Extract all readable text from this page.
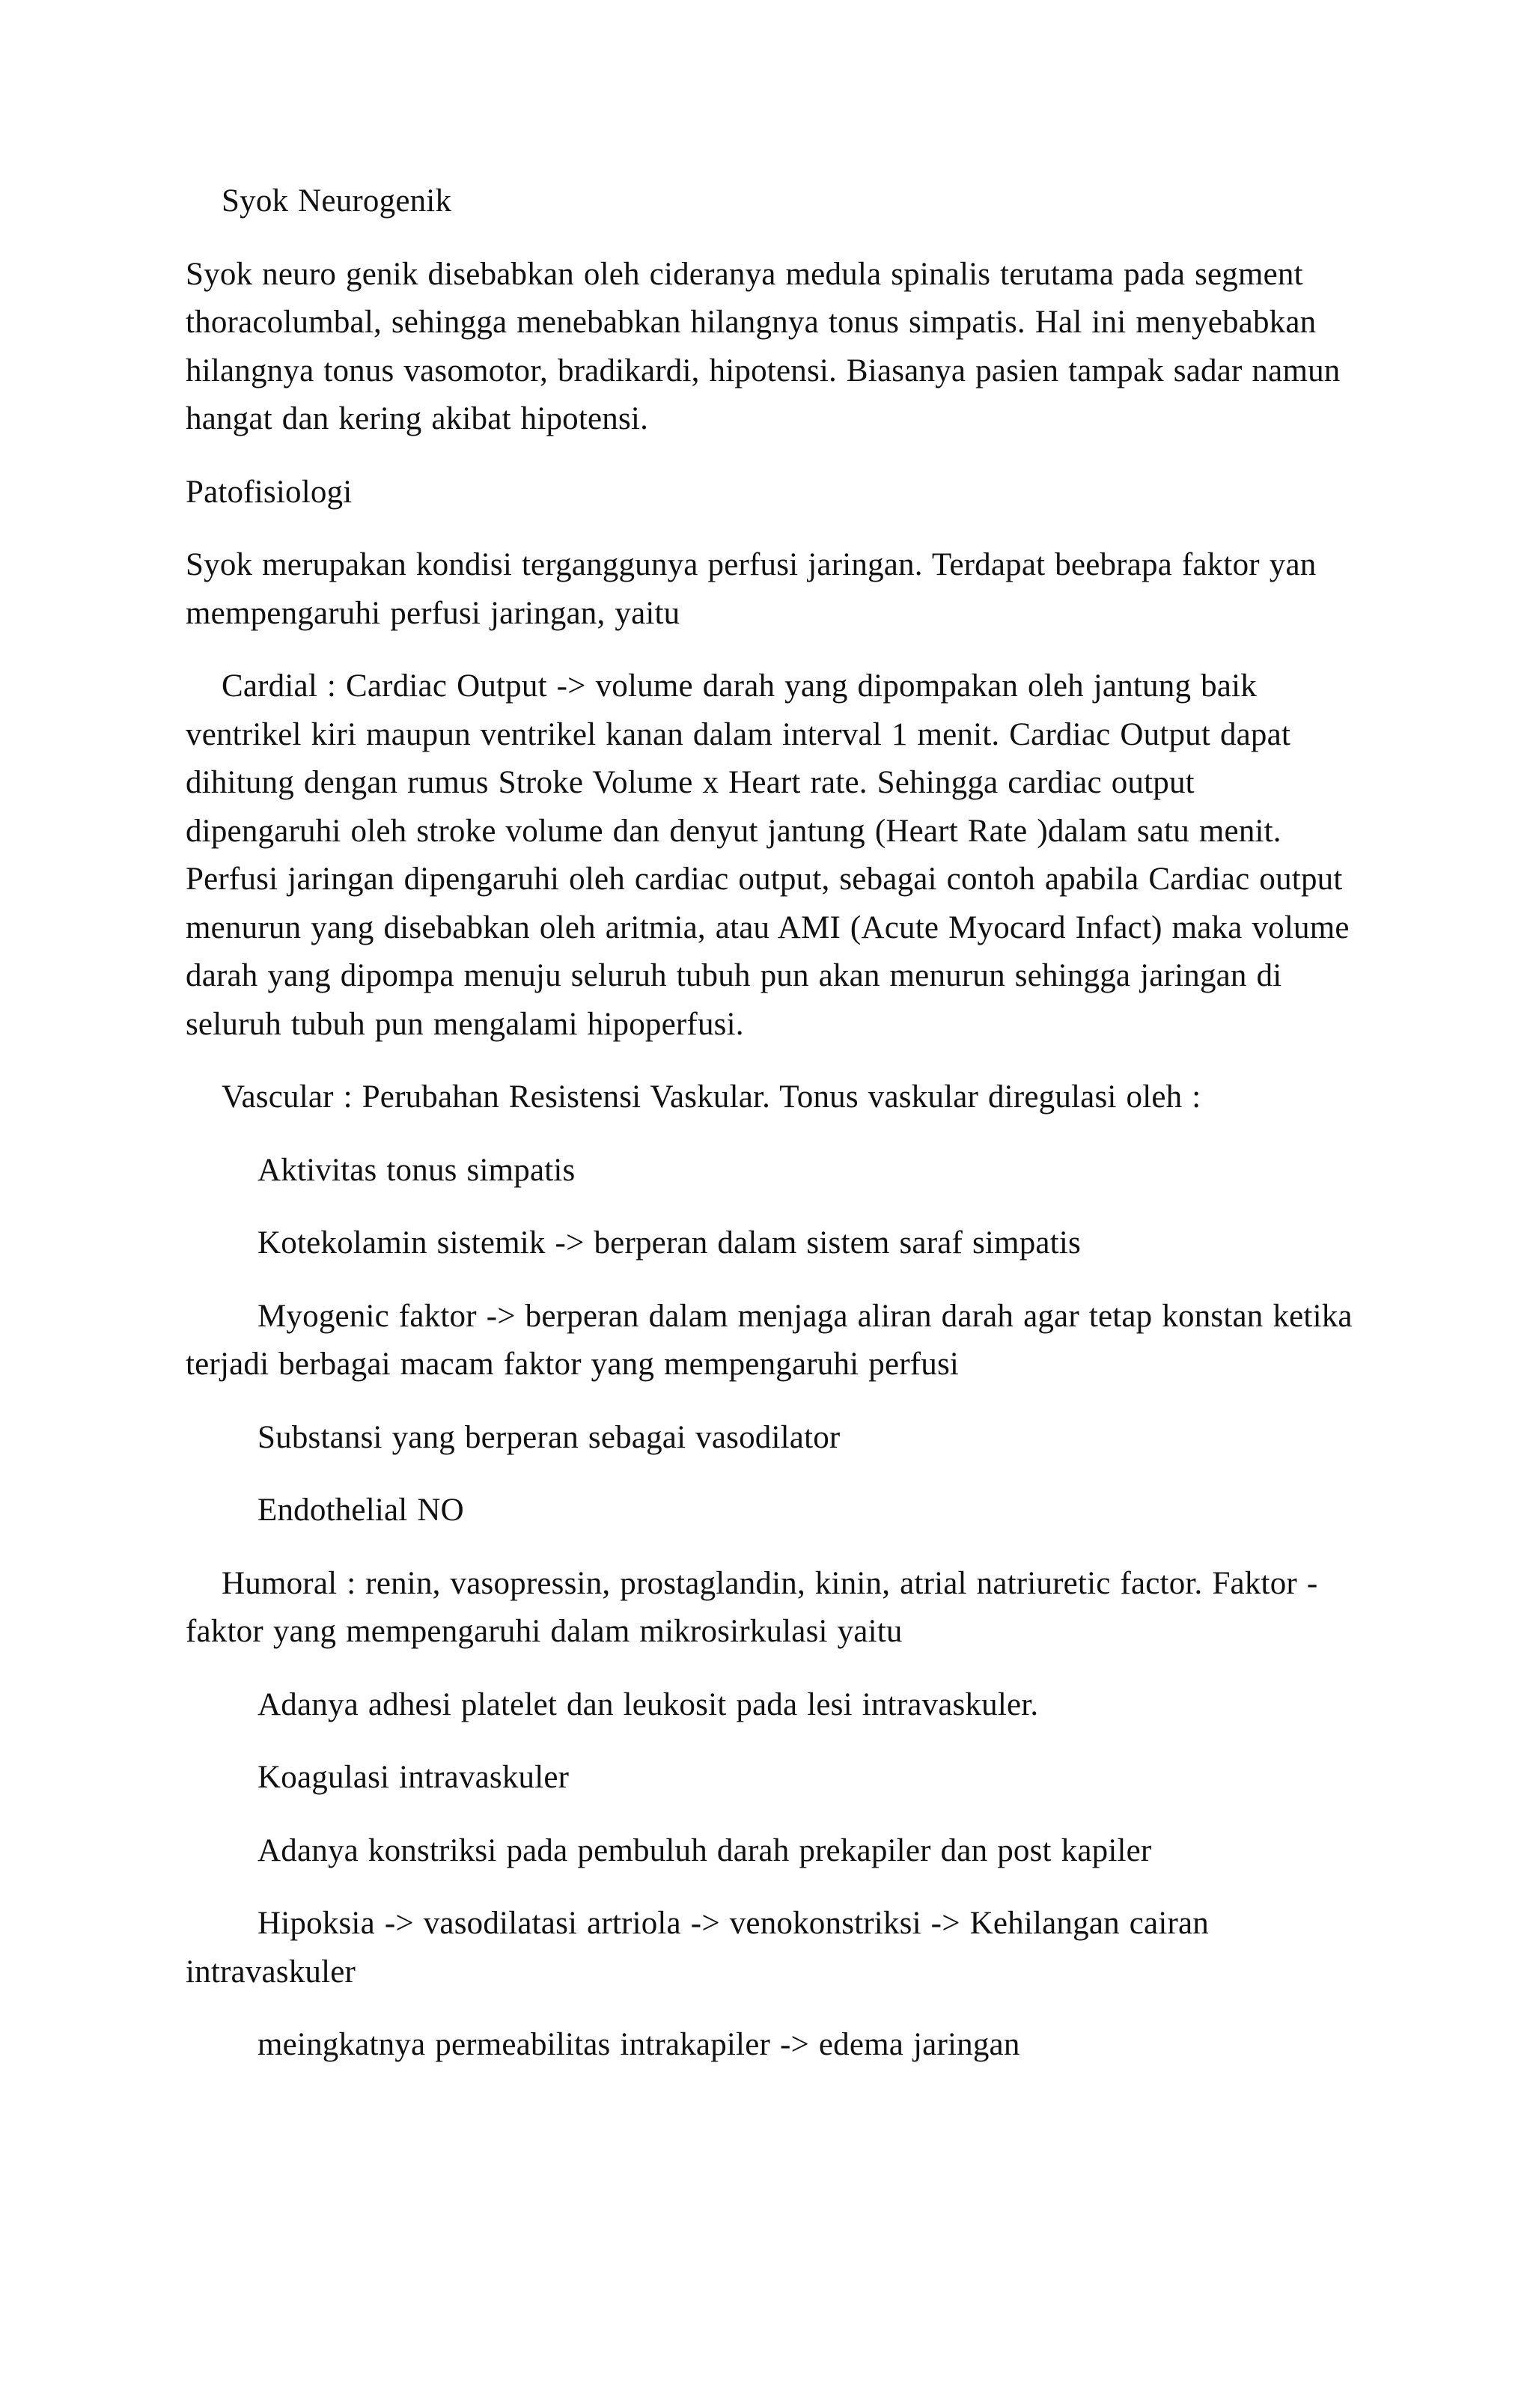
Syok Neurogenik

Syok neuro genik disebabkan oleh cideranya medula spinalis terutama pada segment thoracolumbal, sehingga menebabkan hilangnya tonus simpatis. Hal ini menyebabkan hilangnya tonus vasomotor, bradikardi, hipotensi. Biasanya pasien tampak sadar namun hangat dan kering akibat hipotensi.

Patofisiologi

Syok merupakan kondisi terganggunya perfusi jaringan. Terdapat beebrapa faktor yan mempengaruhi perfusi jaringan, yaitu

Cardial : Cardiac Output -> volume darah yang dipompakan oleh jantung baik ventrikel kiri maupun ventrikel kanan dalam interval 1 menit. Cardiac Output dapat dihitung dengan rumus Stroke Volume x Heart rate. Sehingga cardiac output dipengaruhi oleh stroke volume dan denyut jantung (Heart Rate )dalam satu menit. Perfusi jaringan dipengaruhi oleh cardiac output, sebagai contoh apabila Cardiac output menurun yang disebabkan oleh aritmia, atau AMI (Acute Myocard Infact) maka volume darah yang dipompa menuju seluruh tubuh pun akan menurun sehingga jaringan di seluruh tubuh pun mengalami hipoperfusi.

Vascular : Perubahan Resistensi Vaskular. Tonus vaskular diregulasi oleh :

Aktivitas tonus simpatis

Kotekolamin sistemik -> berperan dalam sistem saraf simpatis

Myogenic faktor -> berperan dalam menjaga aliran darah agar tetap konstan ketika terjadi berbagai macam faktor yang mempengaruhi perfusi

Substansi yang berperan sebagai vasodilator

Endothelial NO

Humoral : renin, vasopressin, prostaglandin, kinin, atrial natriuretic factor. Faktor - faktor yang mempengaruhi dalam mikrosirkulasi yaitu

Adanya adhesi platelet dan leukosit pada lesi intravaskuler.

Koagulasi intravaskuler

Adanya konstriksi pada pembuluh darah prekapiler dan post kapiler

Hipoksia -> vasodilatasi artriola -> venokonstriksi -> Kehilangan cairan intravaskuler

meingkatnya permeabilitas intrakapiler -> edema jaringan
